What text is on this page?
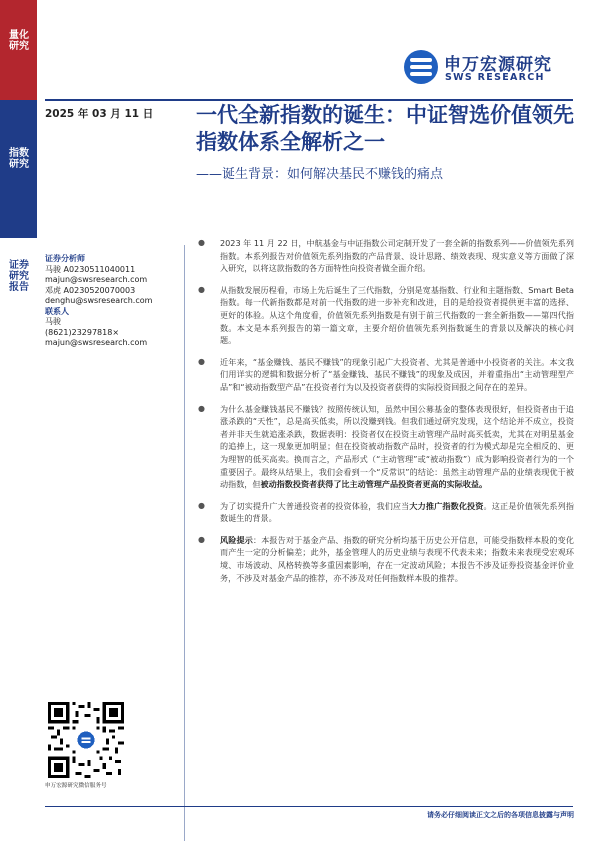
量化研究
指数研究
证券研究报告
申万宏源研究
SWS RESEARCH
2025 年 03 月 11 日 一代全新指数的诞生：中证智选价值领先指数体系全解析之一
——诞生背景：如何解决基民不赚钱的痛点
证券分析师
马骏 A0230511040011
majun@swsresearch.com
邓虎 A0230520070003
denghu@swsresearch.com
联系人
马骏
(8621)23297818×
majun@swsresearch.com
● 2023 年 11 月 22 日，中航基金与中证指数公司定制开发了一套全新的指数系列——价值领先系列指数。本系列报告对价值领先系列指数的产品背景、设计思路、绩效表现、现实意义等方面做了深入研究，以将这款指数的各方面特性向投资者做全面介绍。
● 从指数发展历程看，市场上先后诞生了三代指数，分别是宽基指数、行业和主题指数、Smart Beta 指数。每一代新指数都是对前一代指数的进一步补充和改进，目的是给投资者提供更丰富的选择、更好的体验。从这个角度看，价值领先系列指数是有别于前三代指数的一套全新指数——第四代指数。本文是本系列报告的第一篇文章，主要介绍价值领先系列指数诞生的背景以及解决的核心问题。
● 近年来，“基金赚钱、基民不赚钱”的现象引起广大投资者、尤其是普通中小投资者的关注。本文我们用详实的逻辑和数据分析了“基金赚钱、基民不赚钱”的现象及成因，并着重指出“主动管理型产品”和“被动指数型产品”在投资者行为以及投资者获得的实际投资回报之间存在的差异。
● 为什么基金赚钱基民不赚钱？按照传统认知，虽然中国公募基金的整体表现很好，但投资者由于追涨杀跌的“天性”，总是高买低卖，所以没赚到钱。但我们通过研究发现，这个结论并不成立，投资者并非天生就追涨杀跌，数据表明：投资者仅在投资主动管理产品时高买低卖，尤其在对明星基金的追捧上，这一现象更加明显；但在投资被动指数产品时，投资者的行为模式却是完全相反的、更为理智的低买高卖。换而言之，产品形式（“主动管理”或“被动指数”）成为影响投资者行为的一个重要因子。最终从结果上，我们会看到一个“反常识”的结论：虽然主动管理产品的业绩表现优于被动指数，但被动指数投资者获得了比主动管理产品投资者更高的实际收益。
● 为了切实提升广大普通投资者的投资体验，我们应当大力推广指数化投资。这正是价值领先系列指数诞生的背景。
● 风险提示：本报告对于基金产品、指数的研究分析均基于历史公开信息，可能受指数样本股的变化而产生一定的分析偏差；此外，基金管理人的历史业绩与表现不代表未来；指数未来表现受宏观环境、市场波动、风格转换等多重因素影响，存在一定波动风险；本报告不涉及证券投资基金评价业务，不涉及对基金产品的推荐，亦不涉及对任何指数样本股的推荐。
申万宏源研究微信服务号
请务必仔细阅读正文之后的各项信息披露与声明
